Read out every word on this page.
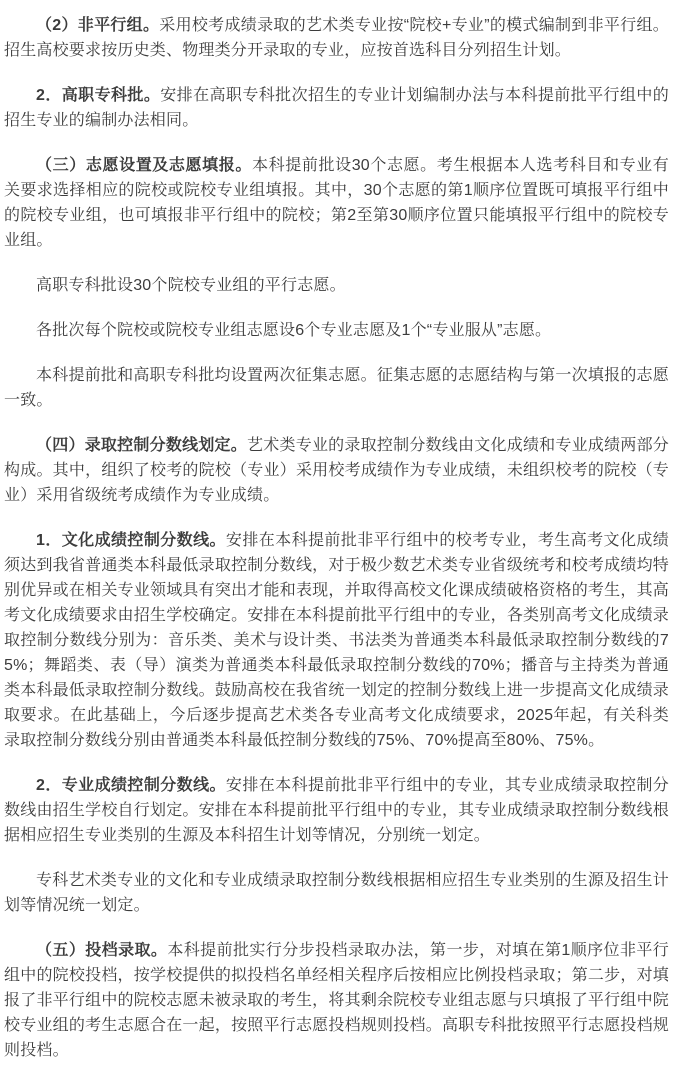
（2）非平行组。采用校考成绩录取的艺术类专业按“院校+专业”的模式编制到非平行组。招生高校要求按历史类、物理类分开录取的专业，应按首选科目分列招生计划。

2．高职专科批。安排在高职专科批次招生的专业计划编制办法与本科提前批平行组中的招生专业的编制办法相同。

（三）志愿设置及志愿填报。本科提前批设30个志愿。考生根据本人选考科目和专业有关要求选择相应的院校或院校专业组填报。其中，30个志愿的第1顺序位置既可填报平行组中的院校专业组，也可填报非平行组中的院校；第2至第30顺序位置只能填报平行组中的院校专业组。

高职专科批设30个院校专业组的平行志愿。

各批次每个院校或院校专业组志愿设6个专业志愿及1个“专业服从”志愿。

本科提前批和高职专科批均设置两次征集志愿。征集志愿的志愿结构与第一次填报的志愿一致。

（四）录取控制分数线划定。艺术类专业的录取控制分数线由文化成绩和专业成绩两部分构成。其中，组织了校考的院校（专业）采用校考成绩作为专业成绩，未组织校考的院校（专业）采用省级统考成绩作为专业成绩。

1．文化成绩控制分数线。安排在本科提前批非平行组中的校考专业，考生高考文化成绩须达到我省普通类本科最低录取控制分数线，对于极少数艺术类专业省级统考和校考成绩均特别优异或在相关专业领域具有突出才能和表现，并取得高校文化课成绩破格资格的考生，其高考文化成绩要求由招生学校确定。安排在本科提前批平行组中的专业，各类别高考文化成绩录取控制分数线分别为：音乐类、美术与设计类、书法类为普通类本科最低录取控制分数线的75%；舞蹈类、表（导）演类为普通类本科最低录取控制分数线的70%；播音与主持类为普通类本科最低录取控制分数线。鼓励高校在我省统一划定的控制分数线上进一步提高文化成绩录取要求。在此基础上，今后逐步提高艺术类各专业高考文化成绩要求，2025年起，有关科类录取控制分数线分别由普通类本科最低控制分数线的75%、70%提高至80%、75%。

2．专业成绩控制分数线。安排在本科提前批非平行组中的专业，其专业成绩录取控制分数线由招生学校自行划定。安排在本科提前批平行组中的专业，其专业成绩录取控制分数线根据相应招生专业类别的生源及本科招生计划等情况，分别统一划定。

专科艺术类专业的文化和专业成绩录取控制分数线根据相应招生专业类别的生源及招生计划等情况统一划定。

（五）投档录取。本科提前批实行分步投档录取办法，第一步，对填在第1顺序位非平行组中的院校投档，按学校提供的拟投档名单经相关程序后按相应比例投档录取；第二步，对填报了非平行组中的院校志愿未被录取的考生，将其剩余院校专业组志愿与只填报了平行组中院校专业组的考生志愿合在一起，按照平行志愿投档规则投档。高职专科批按照平行志愿投档规则投档。
